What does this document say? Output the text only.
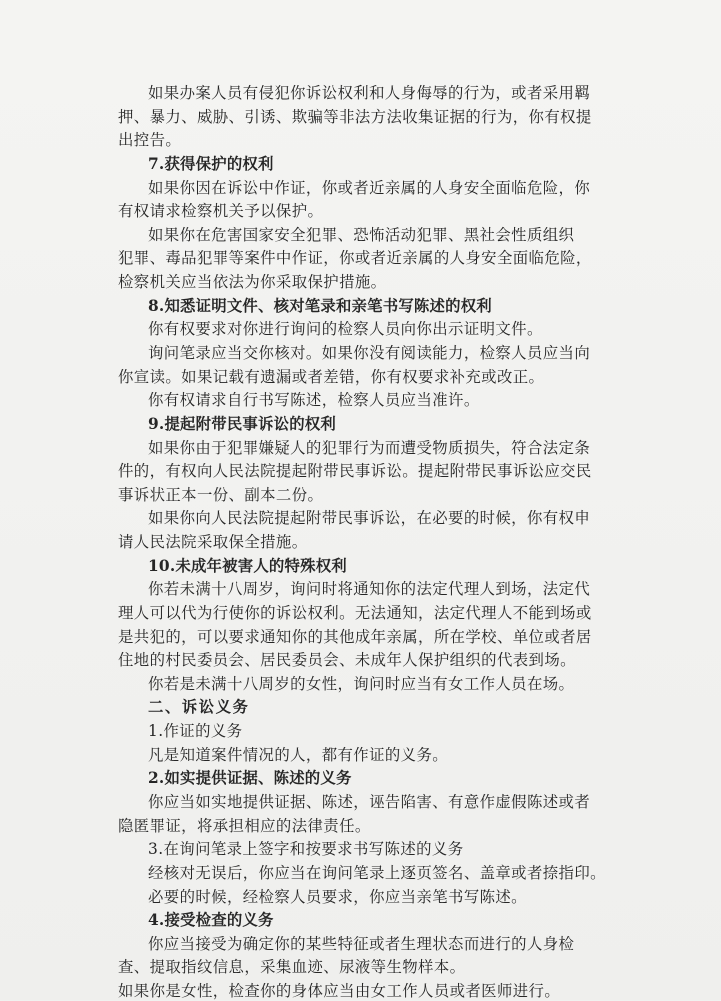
如果办案人员有侵犯你诉讼权利和人身侮辱的行为，或者采用羁
押、暴力、威胁、引诱、欺骗等非法方法收集证据的行为，你有权提
出控告。
7.获得保护的权利
如果你因在诉讼中作证，你或者近亲属的人身安全面临危险，你
有权请求检察机关予以保护。
如果你在危害国家安全犯罪、恐怖活动犯罪、黑社会性质组织
犯罪、毒品犯罪等案件中作证，你或者近亲属的人身安全面临危险，
检察机关应当依法为你采取保护措施。
8.知悉证明文件、核对笔录和亲笔书写陈述的权利
你有权要求对你进行询问的检察人员向你出示证明文件。
询问笔录应当交你核对。如果你没有阅读能力，检察人员应当向
你宣读。如果记载有遗漏或者差错，你有权要求补充或改正。
你有权请求自行书写陈述，检察人员应当准许。
9.提起附带民事诉讼的权利
如果你由于犯罪嫌疑人的犯罪行为而遭受物质损失，符合法定条
件的，有权向人民法院提起附带民事诉讼。提起附带民事诉讼应交民
事诉状正本一份、副本二份。
如果你向人民法院提起附带民事诉讼，在必要的时候，你有权申
请人民法院采取保全措施。
10.未成年被害人的特殊权利
你若未满十八周岁，询问时将通知你的法定代理人到场，法定代
理人可以代为行使你的诉讼权利。无法通知，法定代理人不能到场或
是共犯的，可以要求通知你的其他成年亲属，所在学校、单位或者居
住地的村民委员会、居民委员会、未成年人保护组织的代表到场。
你若是未满十八周岁的女性，询问时应当有女工作人员在场。
二、诉讼义务
1.作证的义务
凡是知道案件情况的人，都有作证的义务。
2.如实提供证据、陈述的义务
你应当如实地提供证据、陈述，诬告陷害、有意作虚假陈述或者
隐匿罪证，将承担相应的法律责任。
3.在询问笔录上签字和按要求书写陈述的义务
经核对无误后，你应当在询问笔录上逐页签名、盖章或者捺指印。
必要的时候，经检察人员要求，你应当亲笔书写陈述。
4.接受检查的义务
你应当接受为确定你的某些特征或者生理状态而进行的人身检
查、提取指纹信息，采集血迹、尿液等生物样本。
如果你是女性，检查你的身体应当由女工作人员或者医师进行。
